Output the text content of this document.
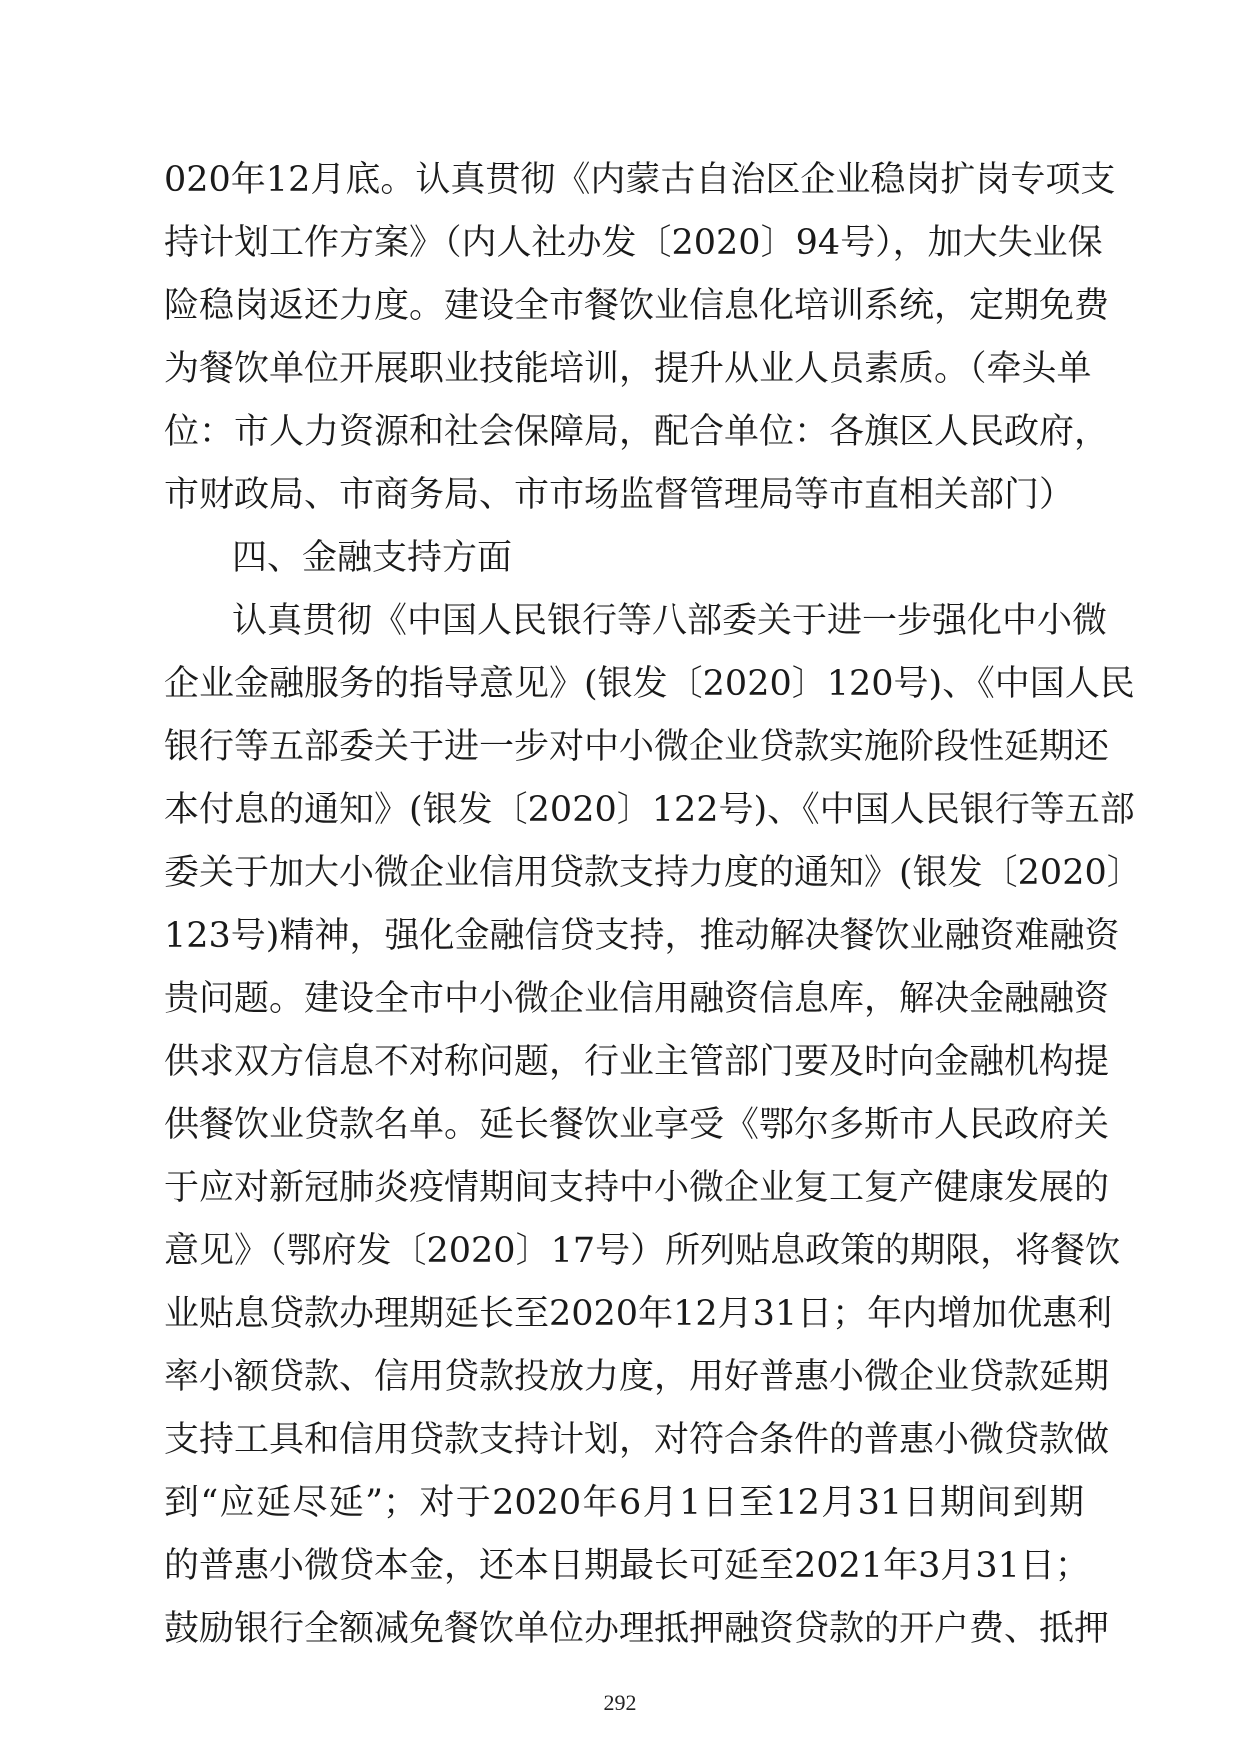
020年12月底。认真贯彻《内蒙古自治区企业稳岗扩岗专项支
持计划工作方案》（内人社办发〔2020〕94号），加大失业保
险稳岗返还力度。建设全市餐饮业信息化培训系统，定期免费
为餐饮单位开展职业技能培训，提升从业人员素质。（牵头单
位：市人力资源和社会保障局，配合单位：各旗区人民政府，
市财政局、市商务局、市市场监督管理局等市直相关部门）
四、金融支持方面
认真贯彻《中国人民银行等八部委关于进一步强化中小微
企业金融服务的指导意见》(银发〔2020〕120号)、《中国人民
银行等五部委关于进一步对中小微企业贷款实施阶段性延期还
本付息的通知》(银发〔2020〕122号)、《中国人民银行等五部
委关于加大小微企业信用贷款支持力度的通知》(银发〔2020〕
123号)精神，强化金融信贷支持，推动解决餐饮业融资难融资
贵问题。建设全市中小微企业信用融资信息库，解决金融融资
供求双方信息不对称问题，行业主管部门要及时向金融机构提
供餐饮业贷款名单。延长餐饮业享受《鄂尔多斯市人民政府关
于应对新冠肺炎疫情期间支持中小微企业复工复产健康发展的
意见》（鄂府发〔2020〕17号）所列贴息政策的期限，将餐饮
业贴息贷款办理期延长至2020年12月31日；年内增加优惠利
率小额贷款、信用贷款投放力度，用好普惠小微企业贷款延期
支持工具和信用贷款支持计划，对符合条件的普惠小微贷款做
到“应延尽延”；对于2020年6月1日至12月31日期间到期
的普惠小微贷本金，还本日期最长可延至2021年3月31日；
鼓励银行全额减免餐饮单位办理抵押融资贷款的开户费、抵押
292
